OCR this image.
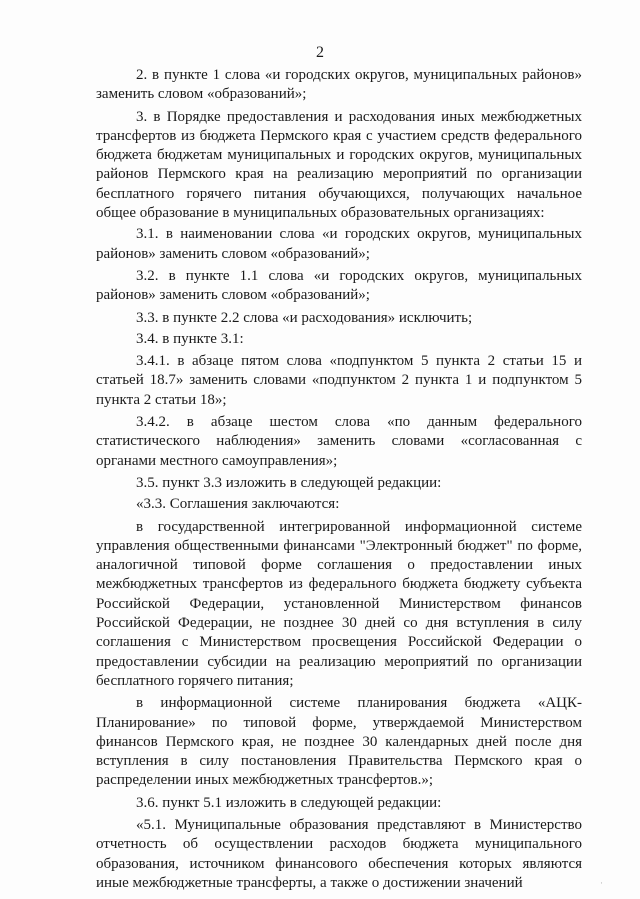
2

2. в пункте 1 слова «и городских округов, муниципальных районов» заменить словом «образований»;

3. в Порядке предоставления и расходования иных межбюджетных трансфертов из бюджета Пермского края с участием средств федерального бюджета бюджетам муниципальных и городских округов, муниципальных районов Пермского края на реализацию мероприятий по организации бесплатного горячего питания обучающихся, получающих начальное общее образование в муниципальных образовательных организациях:

3.1. в наименовании слова «и городских округов, муниципальных районов» заменить словом «образований»;

3.2. в пункте 1.1 слова «и городских округов, муниципальных районов» заменить словом «образований»;

3.3. в пункте 2.2 слова «и расходования» исключить;

3.4. в пункте 3.1:

3.4.1. в абзаце пятом слова «подпунктом 5 пункта 2 статьи 15 и статьей 18.7» заменить словами «подпунктом 2 пункта 1 и подпунктом 5 пункта 2 статьи 18»;

3.4.2. в абзаце шестом слова «по данным федерального статистического наблюдения» заменить словами «согласованная с органами местного самоуправления»;

3.5. пункт 3.3 изложить в следующей редакции:

«3.3. Соглашения заключаются:

в государственной интегрированной информационной системе управления общественными финансами "Электронный бюджет" по форме, аналогичной типовой форме соглашения о предоставлении иных межбюджетных трансфертов из федерального бюджета бюджету субъекта Российской Федерации, установленной Министерством финансов Российской Федерации, не позднее 30 дней со дня вступления в силу соглашения с Министерством просвещения Российской Федерации о предоставлении субсидии на реализацию мероприятий по организации бесплатного горячего питания;

в информационной системе планирования бюджета «АЦК-Планирование» по типовой форме, утверждаемой Министерством финансов Пермского края, не позднее 30 календарных дней после дня вступления в силу постановления Правительства Пермского края о распределении иных межбюджетных трансфертов.»;

3.6. пункт 5.1 изложить в следующей редакции:

«5.1. Муниципальные образования представляют в Министерство отчетность об осуществлении расходов бюджета муниципального образования, источником финансового обеспечения которых являются иные межбюджетные трансферты, а также о достижении значений	·
